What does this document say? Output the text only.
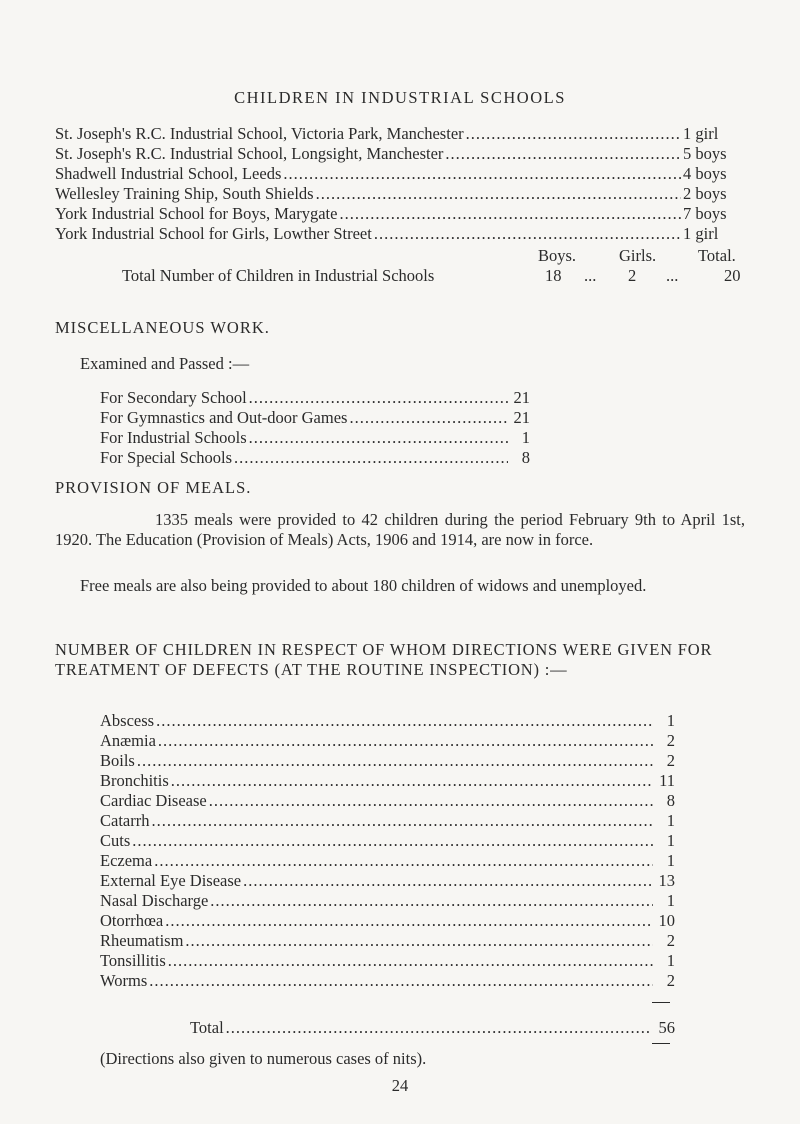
CHILDREN IN INDUSTRIAL SCHOOLS
St. Joseph's R.C. Industrial School, Victoria Park, Manchester .....	1 girl
St. Joseph's R.C. Industrial School, Longsight, Manchester .....	5 boys
Shadwell Industrial School, Leeds .....	4 boys
Wellesley Training Ship, South Shields .....	2 boys
York Industrial School for Boys, Marygate .....	7 boys
York Industrial School for Girls, Lowther Street .....	1 girl
Boys.	Girls.	Total.
Total Number of Children in Industrial Schools	18 ... 2 ...	20
MISCELLANEOUS WORK.
Examined and Passed :—
For Secondary School .....	21
For Gymnastics and Out-door Games .....	21
For Industrial Schools .....	1
For Special Schools .....	8
PROVISION OF MEALS.

1335 meals were provided to 42 children during the period February 9th to April 1st, 1920. The Education (Provision of Meals) Acts, 1906 and 1914, are now in force.

Free meals are also being provided to about 180 children of widows and unemployed.

NUMBER OF CHILDREN IN RESPECT OF WHOM DIRECTIONS WERE GIVEN FOR TREATMENT OF DEFECTS (AT THE ROUTINE INSPECTION) :—
Abscess .....	1
Anæmia .....	2
Boils .....	2
Bronchitis .....	11
Cardiac Disease .....	8
Catarrh .....	1
Cuts .....	1
Eczema .....	1
External Eye Disease .....	13
Nasal Discharge .....	1
Otorrhœa .....	10
Rheumatism .....	2
Tonsillitis .....	1
Worms .....	2
Total .....	56
(Directions also given to numerous cases of nits).
24
